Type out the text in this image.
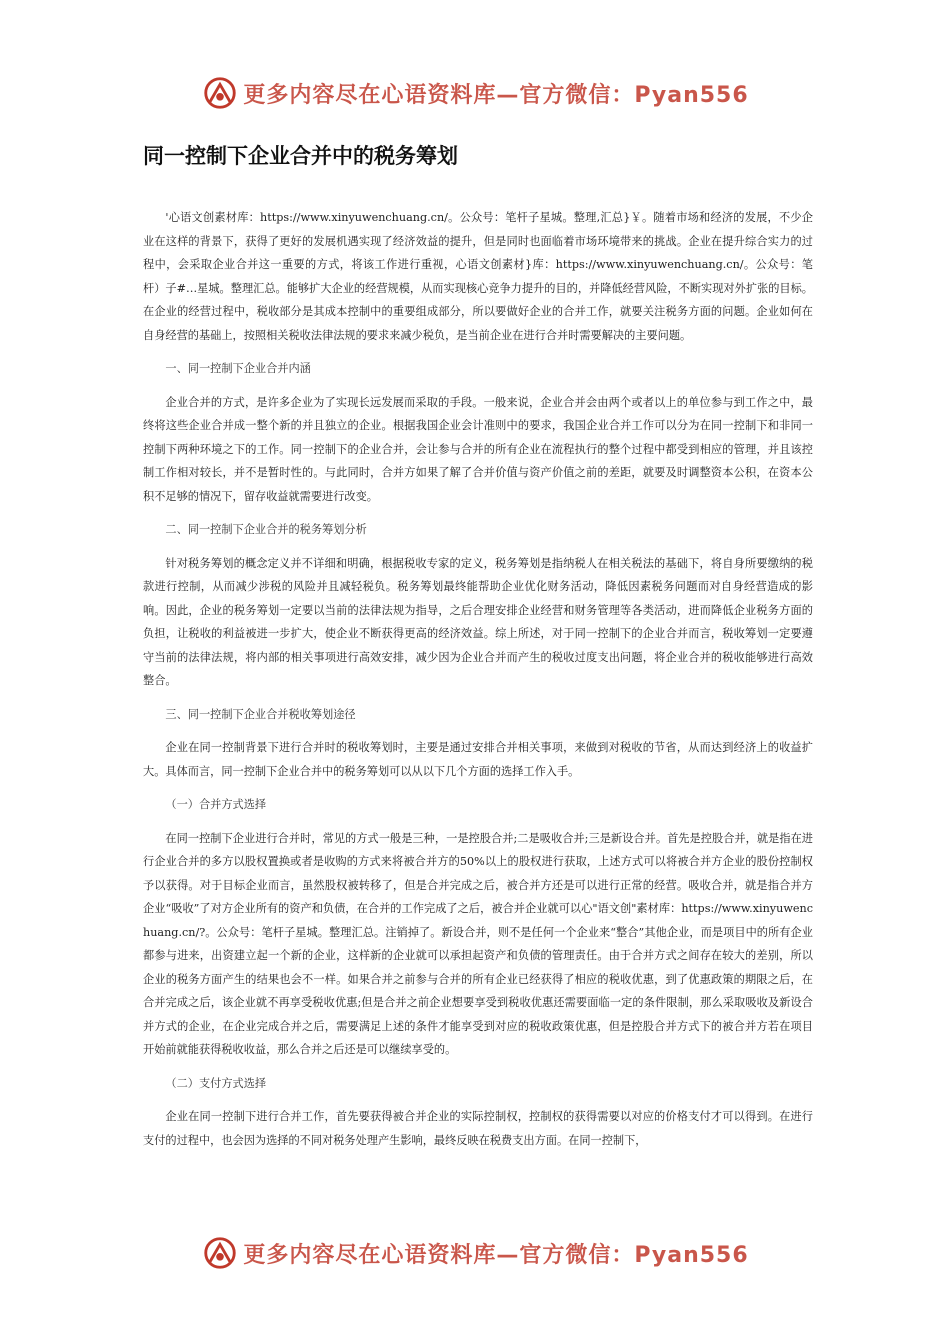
更多内容尽在心语资料库—官方微信：Pyan556
同一控制下企业合并中的税务筹划

'心语文创素材库：https://www.xinyuwenchuang.cn/。公众号：笔杆子星城。整理,汇总}￥。随着市场和经济的发展，不少企业在这样的背景下，获得了更好的发展机遇实现了经济效益的提升，但是同时也面临着市场环境带来的挑战。企业在提升综合实力的过程中，会采取企业合并这一重要的方式，将该工作进行重视，心语文创素材}库：https://www.xinyuwenchuang.cn/。公众号：笔杆）子#…星城。整理汇总。能够扩大企业的经营规模，从而实现核心竞争力提升的目的，并降低经营风险，不断实现对外扩张的目标。在企业的经营过程中，税收部分是其成本控制中的重要组成部分，所以要做好企业的合并工作，就要关注税务方面的问题。企业如何在自身经营的基础上，按照相关税收法律法规的要求来减少税负，是当前企业在进行合并时需要解决的主要问题。

一、同一控制下企业合并内涵

企业合并的方式，是许多企业为了实现长远发展而采取的手段。一般来说，企业合并会由两个或者以上的单位参与到工作之中，最终将这些企业合并成一整个新的并且独立的企业。根据我国企业会计准则中的要求，我国企业合并工作可以分为在同一控制下和非同一控制下两种环境之下的工作。同一控制下的企业合并，会让参与合并的所有企业在流程执行的整个过程中都受到相应的管理，并且该控制工作相对较长，并不是暂时性的。与此同时，合并方如果了解了合并价值与资产价值之前的差距，就要及时调整资本公积，在资本公积不足够的情况下，留存收益就需要进行改变。

二、同一控制下企业合并的税务筹划分析

针对税务筹划的概念定义并不详细和明确，根据税收专家的定义，税务筹划是指纳税人在相关税法的基础下，将自身所要缴纳的税款进行控制，从而减少涉税的风险并且减轻税负。税务筹划最终能帮助企业优化财务活动，降低因素税务问题而对自身经营造成的影响。因此，企业的税务筹划一定要以当前的法律法规为指导，之后合理安排企业经营和财务管理等各类活动，进而降低企业税务方面的负担，让税收的利益被进一步扩大，使企业不断获得更高的经济效益。综上所述，对于同一控制下的企业合并而言，税收筹划一定要遵守当前的法律法规，将内部的相关事项进行高效安排，减少因为企业合并而产生的税收过度支出问题，将企业合并的税收能够进行高效整合。

三、同一控制下企业合并税收筹划途径

企业在同一控制背景下进行合并时的税收筹划时，主要是通过安排合并相关事项，来做到对税收的节省，从而达到经济上的收益扩大。具体而言，同一控制下企业合并中的税务筹划可以从以下几个方面的选择工作入手。

（一）合并方式选择

在同一控制下企业进行合并时，常见的方式一般是三种，一是控股合并;二是吸收合并;三是新设合并。首先是控股合并，就是指在进行企业合并的多方以股权置换或者是收购的方式来将被合并方的50%以上的股权进行获取，上述方式可以将被合并方企业的股份控制权予以获得。对于目标企业而言，虽然股权被转移了，但是合并完成之后，被合并方还是可以进行正常的经营。吸收合并，就是指合并方企业“吸收”了对方企业所有的资产和负债，在合并的工作完成了之后，被合并企业就可以心"语文创"素材库：https://www.xinyuwenchuang.cn/?。公众号：笔杆子星城。整理汇总。注销掉了。新设合并，则不是任何一个企业来“整合”其他企业，而是项目中的所有企业都参与进来，出资建立起一个新的企业，这样新的企业就可以承担起资产和负债的管理责任。由于合并方式之间存在较大的差别，所以企业的税务方面产生的结果也会不一样。如果合并之前参与合并的所有企业已经获得了相应的税收优惠，到了优惠政策的期限之后，在合并完成之后，该企业就不再享受税收优惠;但是合并之前企业想要享受到税收优惠还需要面临一定的条件限制，那么采取吸收及新设合并方式的企业，在企业完成合并之后，需要满足上述的条件才能享受到对应的税收政策优惠，但是控股合并方式下的被合并方若在项目开始前就能获得税收收益，那么合并之后还是可以继续享受的。

（二）支付方式选择

企业在同一控制下进行合并工作，首先要获得被合并企业的实际控制权，控制权的获得需要以对应的价格支付才可以得到。在进行支付的过程中，也会因为选择的不同对税务处理产生影响，最终反映在税费支出方面。在同一控制下，

更多内容尽在心语资料库—官方微信：Pyan556
